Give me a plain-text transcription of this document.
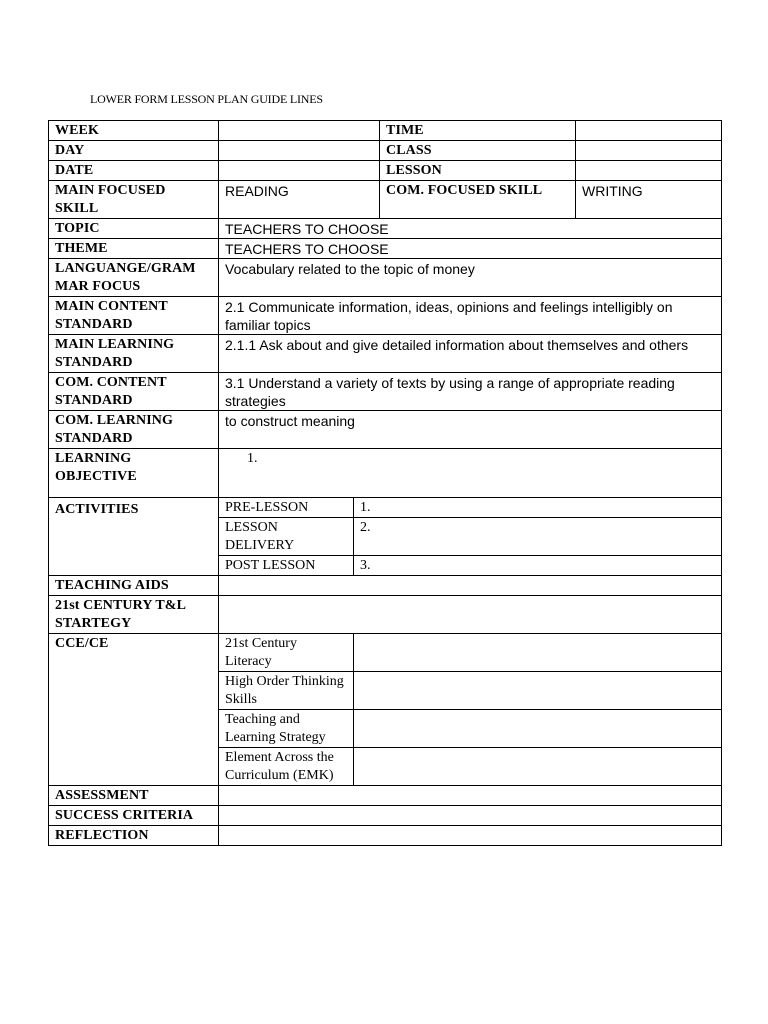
LOWER FORM LESSON PLAN GUIDE LINES
WEEK			TIME	
DAY			CLASS	
DATE			LESSON	
MAIN FOCUSED SKILL	READING		COM. FOCUSED SKILL	WRITING
TOPIC	TEACHERS TO CHOOSE			
THEME	TEACHERS TO CHOOSE			
LANGUANGE/GRAM MAR FOCUS	Vocabulary related to the topic of money			
MAIN CONTENT STANDARD	2.1 Communicate information, ideas, opinions and feelings intelligibly on familiar topics			
MAIN LEARNING STANDARD	2.1.1 Ask about and give detailed information about themselves and others			
COM. CONTENT STANDARD	3.1 Understand a variety of texts by using a range of appropriate reading strategies			
COM. LEARNING STANDARD	to construct meaning			
LEARNING OBJECTIVE	1.			
ACTIVITIES	PRE-LESSON	1.		
	LESSON DELIVERY	2.		
	POST LESSON	3.		
TEACHING AIDS				
21st CENTURY T&L STARTEGY				
CCE/CE	21st Century Literacy			
	High Order Thinking Skills			
	Teaching and Learning Strategy			
	Element Across the Curriculum (EMK)			
ASSESSMENT				
SUCCESS CRITERIA				
REFLECTION				
